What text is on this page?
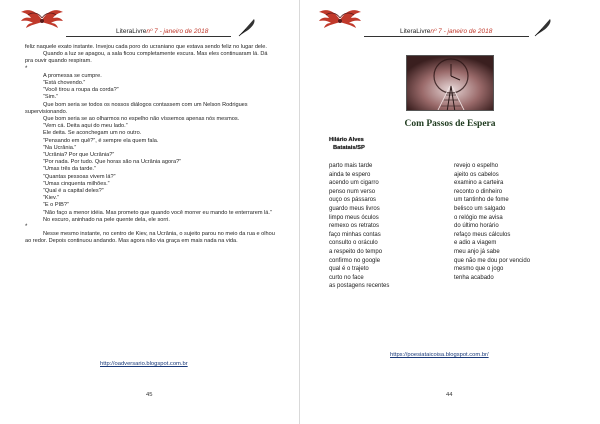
LiteraLivrenº 7 - janeiro de 2018

feliz naquele exato instante. Invejou cada poro do ucraniano que estava sendo feliz no lugar dele.

Quando a luz se apagou, a sala ficou completamente escura. Mas eles continuaram lá. Dá pra ouvir quando respiram.

*

A promessa se cumpre.

“Está chovendo.”

“Você tirou a roupa da corda?”

“Sim.”

Que bom seria se todos os nossos diálogos contassem com um Nelson Rodrigues supervisionando.

Que bom seria se ao olharmos no espelho não víssemos apenas nós mesmos.

“Vem cá. Deita aqui do meu lado.”

Ele deita. Se aconchegam um no outro.

“Pensando em quê?”, é sempre ela quem fala.

“Na Ucrânia.”

“Ucrânia? Por que Ucrânia?”

“Por nada. Por tudo. Que horas são na Ucrânia agora?”

“Umas três da tarde.”

“Quantas pessoas vivem lá?”

“Umas cinquenta milhões.”

“Qual é a capital deles?”

“Kiev.”

“E o PIB?”

“Não faço a menor idéia. Mas prometo que quando você morrer eu mando te enterrarem lá.”

No escuro, aninhado na pele quente dela, ele sorri.

*

Nesse mesmo instante, no centro de Kiev, na Ucrânia, o sujeito parou no meio da rua e olhou ao redor. Depois continuou andando. Mas agora não via graça em mais nada na vida.

http://oadversario.blogspot.com.br
45
LiteraLivrenº 7 - janeiro de 2018
Com Passos de Espera
Hilário Alves
Batatais/SP
parto mais tarde
ainda te espero
acendo um cigarro
penso num verso
ouço os pássaros
guardo meus livros
limpo meus óculos
remexo os retratos
faço minhas contas
consulto o oráculo
a respeito do tempo
confirmo no google
qual é o trajeto
curto no face
as postagens recentes
revejo o espelho
ajeito os cabelos
examino a carteira
reconto o dinheiro
um tantinho de fome
belisco um salgado
o relógio me avisa
do último horário
refaço meus cálculos
e adio a viagem
meu anjo já sabe
que não me dou por vencido
mesmo que o jogo
tenha acabado
https://poesiataicoisa.blogspot.com.br/
44
